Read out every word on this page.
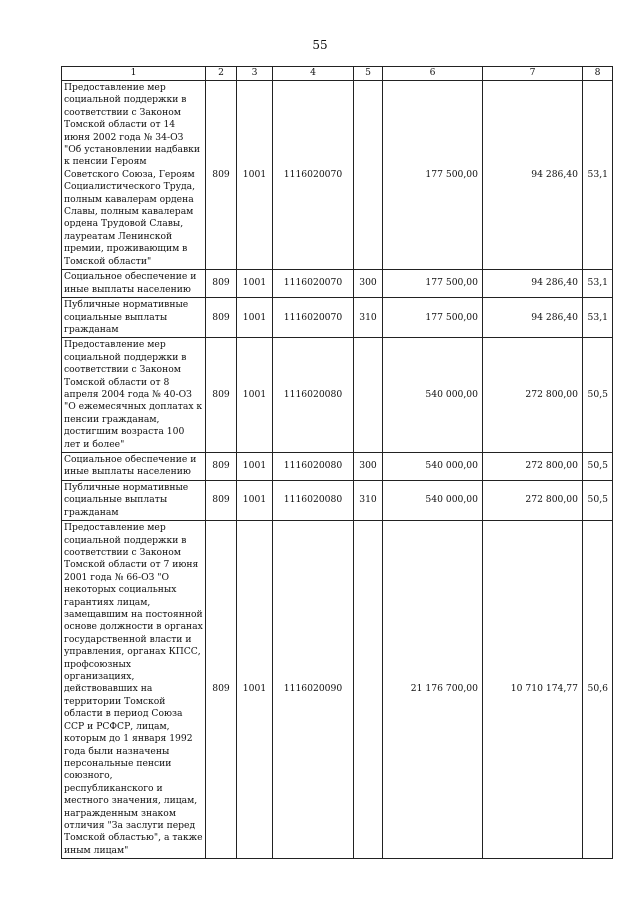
55
1	2	3	4	5	6	7	8
Предоставление мер социальной поддержки в соответствии с Законом Томской области от 14 июня 2002 года № 34-ОЗ "Об установлении надбавки к пенсии Героям Советского Союза, Героям Социалистического Труда, полным кавалерам ордена Славы, полным кавалерам ордена Трудовой Славы, лауреатам Ленинской премии, проживающим в Томской области"	809	1001	1116020070		177 500,00	94 286,40	53,1
Социальное обеспечение и иные выплаты населению	809	1001	1116020070	300	177 500,00	94 286,40	53,1
Публичные нормативные социальные выплаты гражданам	809	1001	1116020070	310	177 500,00	94 286,40	53,1
Предоставление мер социальной поддержки в соответствии с Законом Томской области от 8 апреля 2004 года № 40-ОЗ "О ежемесячных доплатах к пенсии гражданам, достигшим возраста 100 лет и более"	809	1001	1116020080		540 000,00	272 800,00	50,5
Социальное обеспечение и иные выплаты населению	809	1001	1116020080	300	540 000,00	272 800,00	50,5
Публичные нормативные социальные выплаты гражданам	809	1001	1116020080	310	540 000,00	272 800,00	50,5
Предоставление мер социальной поддержки в соответствии с Законом Томской области от 7 июня 2001 года № 66-ОЗ "О некоторых социальных гарантиях лицам, замещавшим на постоянной основе должности в органах государственной власти и управления, органах КПСС, профсоюзных организациях, действовавших на территории Томской области в период Союза ССР и РСФСР, лицам, которым до 1 января 1992 года были назначены персональные пенсии союзного, республиканского и местного значения, лицам, награжденным знаком отличия "За заслуги перед Томской областью", а также иным лицам"	809	1001	1116020090		21 176 700,00	10 710 174,77	50,6
